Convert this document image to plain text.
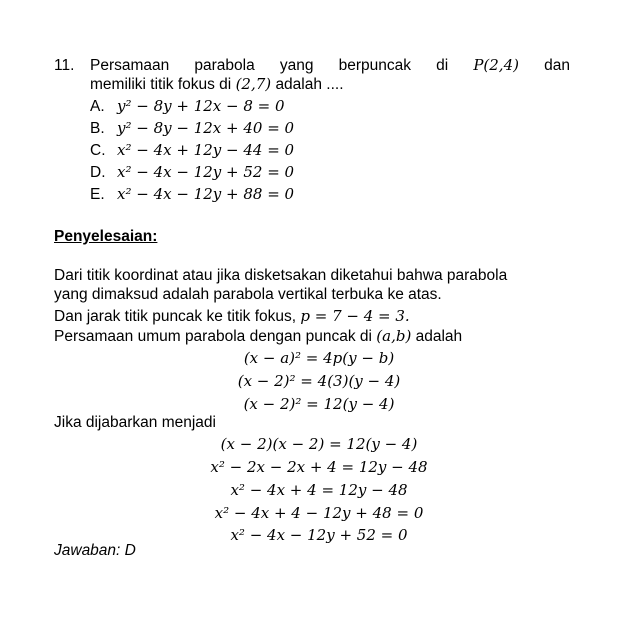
11. Persamaan parabola yang berpuncak di P(2,4) dan
memiliki titik fokus di (2,7) adalah ....
A. y² − 8y + 12x − 8 = 0
B. y² − 8y − 12x + 40 = 0
C. x² − 4x + 12y − 44 = 0
D. x² − 4x − 12y + 52 = 0
E. x² − 4x − 12y + 88 = 0
Penyelesaian:
Dari titik koordinat atau jika disketsakan diketahui bahwa parabola
yang dimaksud adalah parabola vertikal terbuka ke atas.
Dan jarak titik puncak ke titik fokus, p = 7 − 4 = 3.
Persamaan umum parabola dengan puncak di (a,b) adalah
(x − a)² = 4p(y − b)
(x − 2)² = 4(3)(y − 4)
(x − 2)² = 12(y − 4)
Jika dijabarkan menjadi
(x − 2)(x − 2) = 12(y − 4)
x² − 2x − 2x + 4 = 12y − 48
x² − 4x + 4 = 12y − 48
x² − 4x + 4 − 12y + 48 = 0
x² − 4x − 12y + 52 = 0
Jawaban: D
